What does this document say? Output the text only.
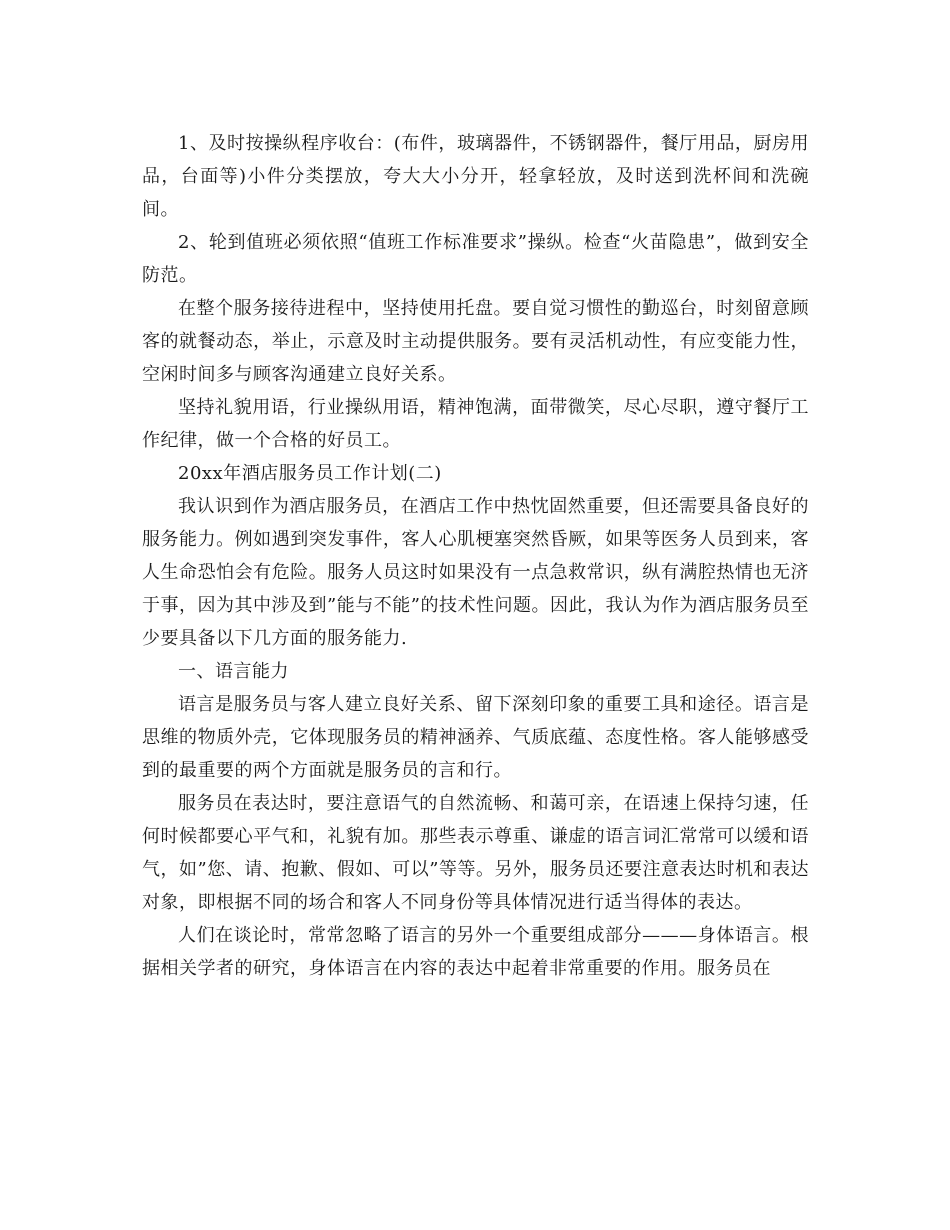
1、及时按操纵程序收台：(布件，玻璃器件，不锈钢器件，餐厅用品，厨房用品，台面等)小件分类摆放，夸大大小分开，轻拿轻放，及时送到洗杯间和洗碗间。

2、轮到值班必须依照“值班工作标准要求”操纵。检查“火苗隐患”，做到安全防范。

在整个服务接待进程中，坚持使用托盘。要自觉习惯性的勤巡台，时刻留意顾客的就餐动态，举止，示意及时主动提供服务。要有灵活机动性，有应变能力性，空闲时间多与顾客沟通建立良好关系。

坚持礼貌用语，行业操纵用语，精神饱满，面带微笑，尽心尽职，遵守餐厅工作纪律，做一个合格的好员工。

20xx年酒店服务员工作计划(二)

我认识到作为酒店服务员，在酒店工作中热忱固然重要，但还需要具备良好的服务能力。例如遇到突发事件，客人心肌梗塞突然昏厥，如果等医务人员到来，客人生命恐怕会有危险。服务人员这时如果没有一点急救常识，纵有满腔热情也无济于事，因为其中涉及到”能与不能”的技术性问题。因此，我认为作为酒店服务员至少要具备以下几方面的服务能力.

一、语言能力

语言是服务员与客人建立良好关系、留下深刻印象的重要工具和途径。语言是思维的物质外壳，它体现服务员的精神涵养、气质底蕴、态度性格。客人能够感受到的最重要的两个方面就是服务员的言和行。

服务员在表达时，要注意语气的自然流畅、和蔼可亲，在语速上保持匀速，任何时候都要心平气和，礼貌有加。那些表示尊重、谦虚的语言词汇常常可以缓和语气，如”您、请、抱歉、假如、可以”等等。另外，服务员还要注意表达时机和表达对象，即根据不同的场合和客人不同身份等具体情况进行适当得体的表达。

人们在谈论时，常常忽略了语言的另外一个重要组成部分———身体语言。根据相关学者的研究，身体语言在内容的表达中起着非常重要的作用。服务员在
